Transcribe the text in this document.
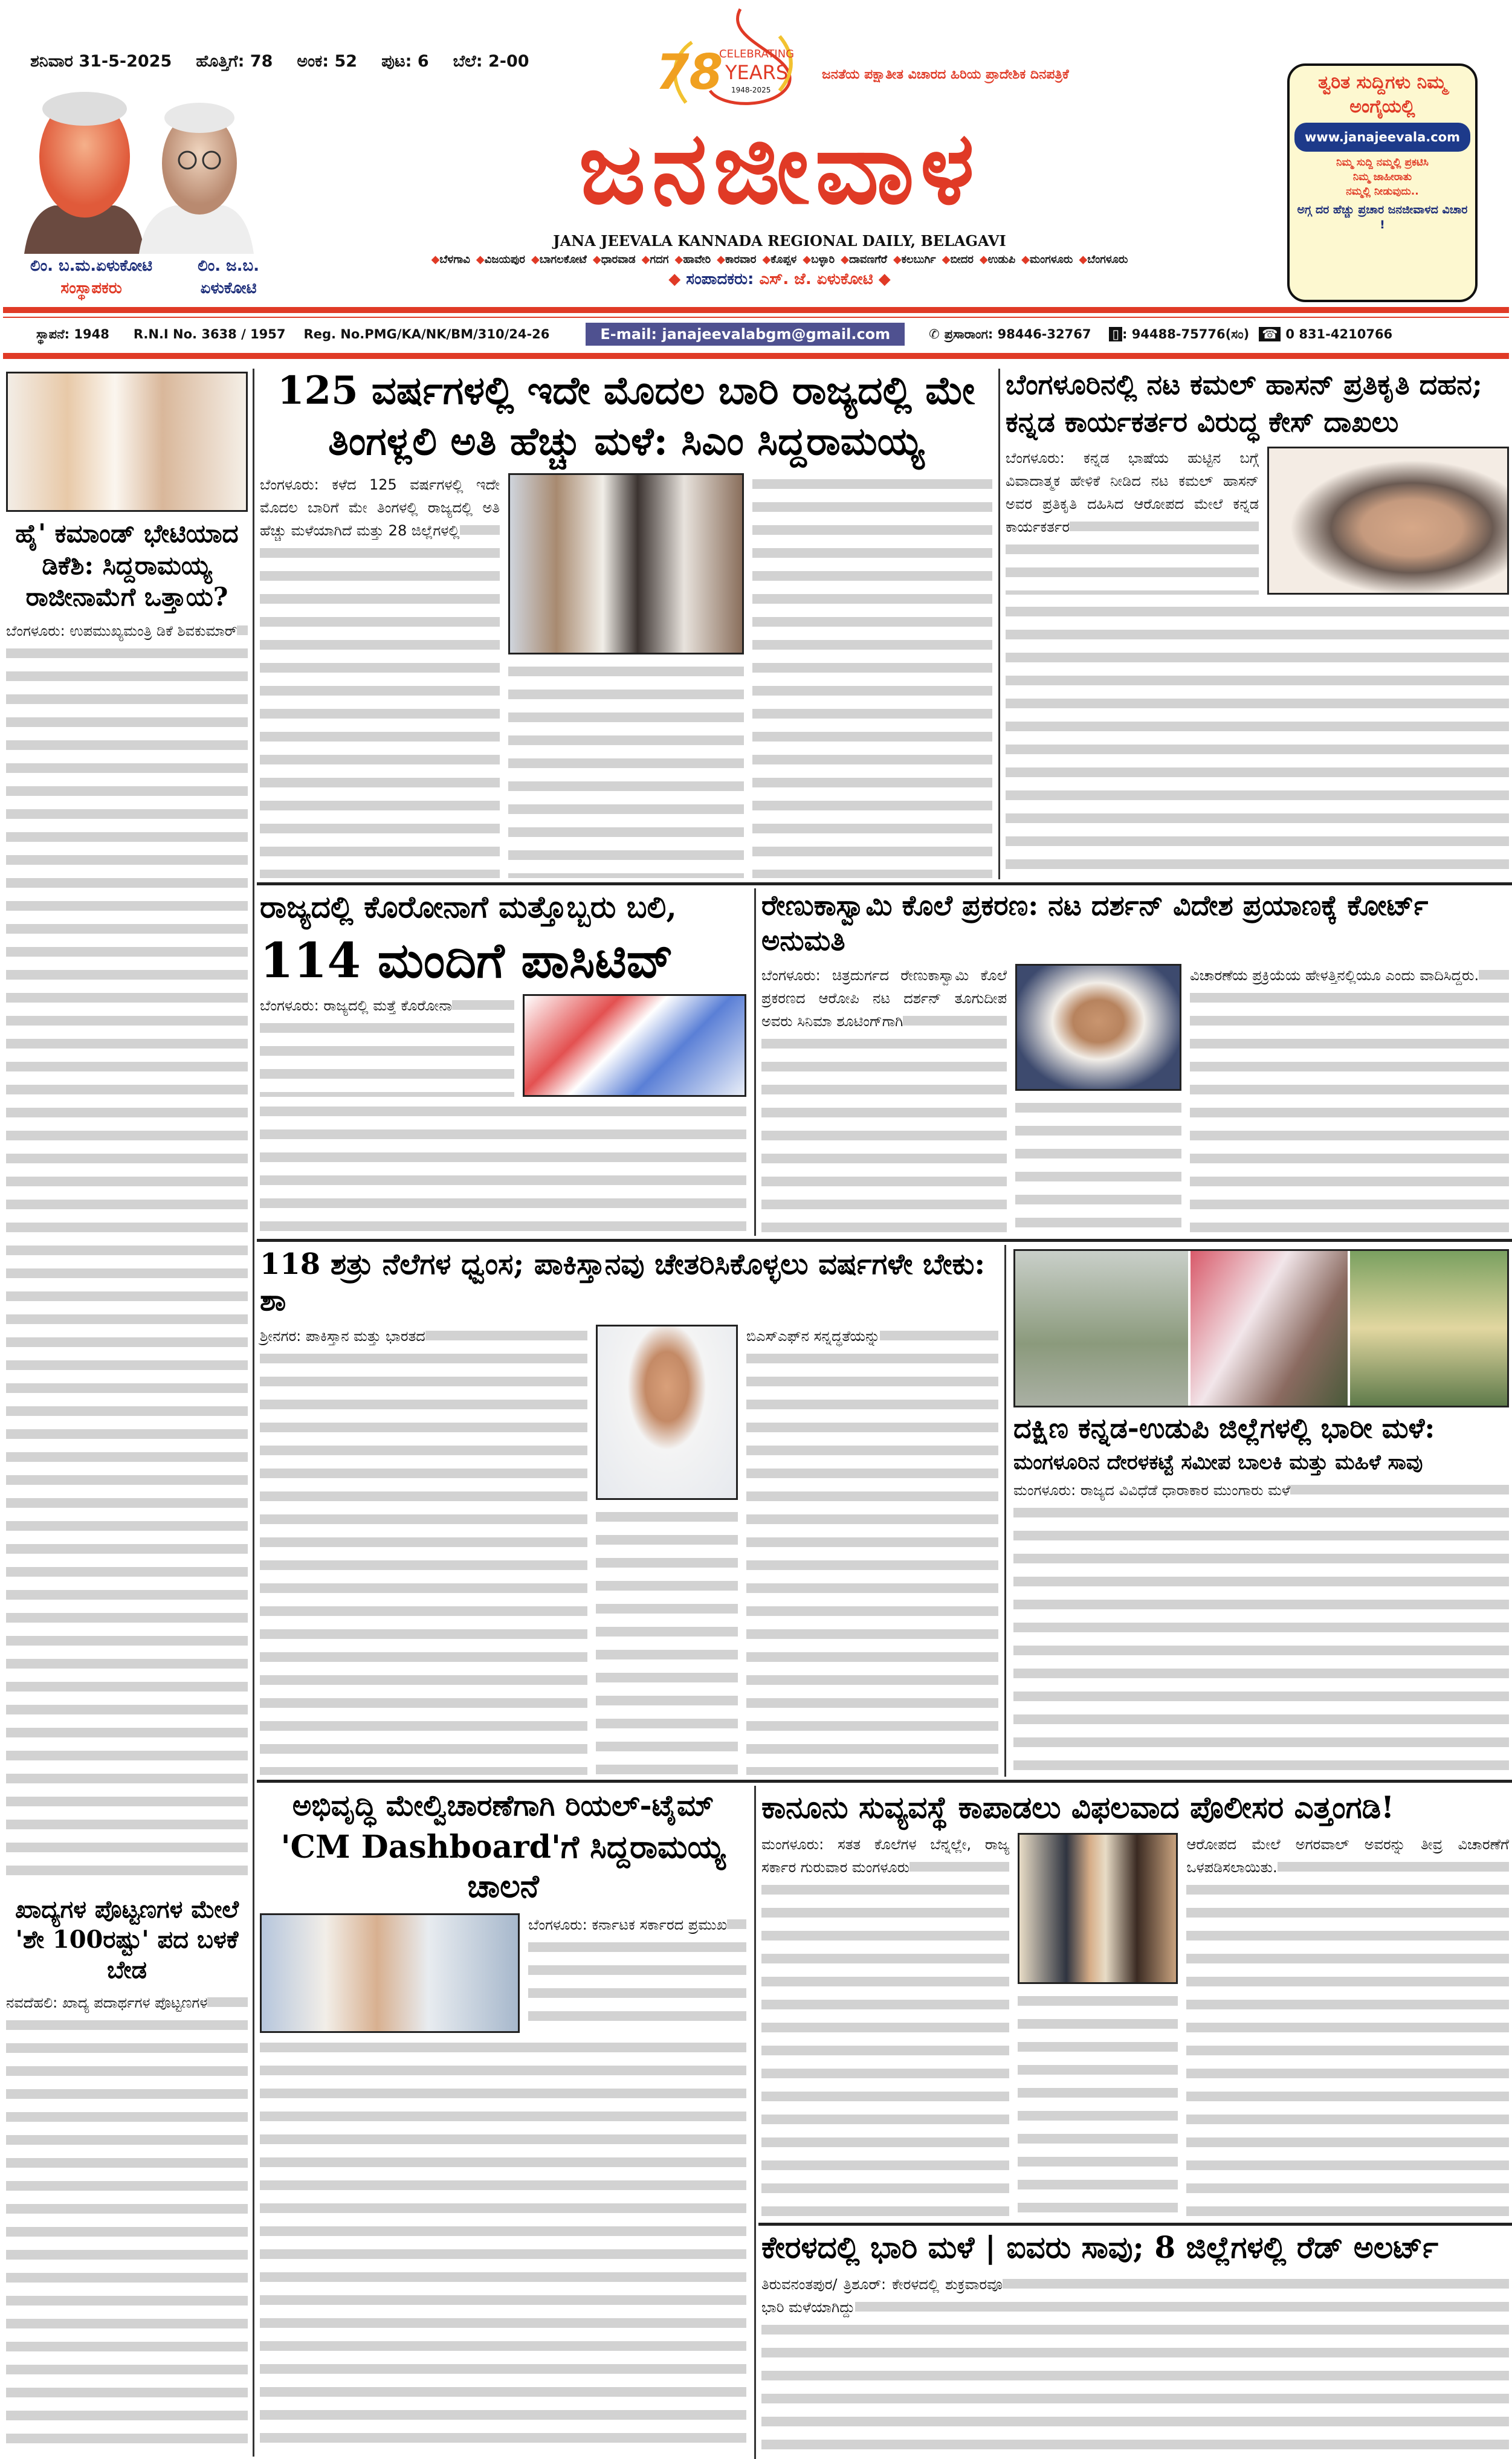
ಶನಿವಾರ 31-5-2025 ಹೊತ್ತಿಗೆ: 78 ಅಂಕ: 52 ಪುಟ: 6 ಬೆಲೆ: 2-00
ಲಿಂ. ಬ.ಮ.ಏಳುಕೋಟಿ
ಸಂಸ್ಥಾಪಕರು
ಲಿಂ. ಜ.ಬ.
ಏಳುಕೋಟಿ
78
CELEBRATING
YEARS
1948-2025
ಜನತೆಯ ಪಕ್ಷಾತೀತ ವಿಚಾರದ ಹಿರಿಯ ಪ್ರಾದೇಶಿಕ ದಿನಪತ್ರಿಕೆ
ಜನಜೀವಾಳ
JANA JEEVALA KANNADA REGIONAL DAILY, BELAGAVI
◆ಬೆಳಗಾವಿ ◆ವಿಜಯಪುರ ◆ಬಾಗಲಕೋಟೆ ◆ಧಾರವಾಡ ◆ಗದಗ ◆ಹಾವೇರಿ ◆ಕಾರವಾರ ◆ಕೊಪ್ಪಳ ◆ಬಳ್ಳಾರಿ ◆ದಾವಣಗೆರೆ ◆ಕಲಬುರ್ಗಿ ◆ಬೀದರ ◆ಉಡುಪಿ ◆ಮಂಗಳೂರು ◆ಬೆಂಗಳೂರು
◆ ಸಂಪಾದಕರು: ಎಸ್. ಜೆ. ಏಳುಕೋಟಿ ◆
ತ್ವರಿತ ಸುದ್ದಿಗಳು ನಿಮ್ಮ ಅಂಗೈಯಲ್ಲಿ
www.janajeevala.com
ನಿಮ್ಮ ಸುದ್ದಿ ನಮ್ಮಲ್ಲಿ ಪ್ರಕಟಿಸಿ
ನಿಮ್ಮ ಜಾಹೀರಾತು
ನಮ್ಮಲ್ಲಿ ನೀಡುವುದು..
ಅಗ್ಗ ದರ ಹೆಚ್ಚು ಪ್ರಚಾರ ಜನಜೀವಾಳದ ವಿಚಾರ !
ಸ್ಥಾಪನೆ: 1948 R.N.I No. 3638 / 1957 Reg. No.PMG/KA/NK/BM/310/24-26	E-mail: janajeevalabgm@gmail.com	✆ ಪ್ರಸಾರಾಂಗ: 98446-32767 ▯ : 94488-75776(ಸಂ) ☎ 0 831-4210766
ಹೈ' ಕಮಾಂಡ್ ಭೇಟಿಯಾದ ಡಿಕೆಶಿ: ಸಿದ್ದರಾಮಯ್ಯ ರಾಜೀನಾಮೆಗೆ ಒತ್ತಾಯ?
ಬೆಂಗಳೂರು: ಉಪಮುಖ್ಯಮಂತ್ರಿ ಡಿಕೆ ಶಿವಕುಮಾರ್
ಖಾದ್ಯಗಳ ಪೊಟ್ಟಣಗಳ ಮೇಲೆ 'ಶೇ 100ರಷ್ಟು' ಪದ ಬಳಕೆ ಬೇಡ
ನವದೆಹಲಿ: ಖಾದ್ಯ ಪದಾರ್ಥಗಳ ಪೊಟ್ಟಣಗಳ
125 ವರ್ಷಗಳಲ್ಲಿ ಇದೇ ಮೊದಲ ಬಾರಿ ರಾಜ್ಯದಲ್ಲಿ ಮೇ ತಿಂಗಳ್ಲಲಿ ಅತಿ ಹೆಚ್ಚು ಮಳೆ: ಸಿಎಂ ಸಿದ್ದರಾಮಯ್ಯ
ಬೆಂಗಳೂರು: ಕಳೆದ 125 ವರ್ಷಗಳಲ್ಲಿ ಇದೇ ಮೊದಲ ಬಾರಿಗೆ ಮೇ ತಿಂಗಳಲ್ಲಿ ರಾಜ್ಯದಲ್ಲಿ ಅತಿ ಹೆಚ್ಚು ಮಳೆಯಾಗಿದೆ ಮತ್ತು 28 ಜಿಲ್ಲೆಗಳಲ್ಲಿ
ಬೆಂಗಳೂರಿನಲ್ಲಿ ನಟ ಕಮಲ್ ಹಾಸನ್ ಪ್ರತಿಕೃತಿ ದಹನ; ಕನ್ನಡ ಕಾರ್ಯಕರ್ತರ ವಿರುದ್ಧ ಕೇಸ್ ದಾಖಲು
ಬೆಂಗಳೂರು: ಕನ್ನಡ ಭಾಷೆಯ ಹುಟ್ಟಿನ ಬಗ್ಗೆ ವಿವಾದಾತ್ಮಕ ಹೇಳಿಕೆ ನೀಡಿದ ನಟ ಕಮಲ್ ಹಾಸನ್ ಅವರ ಪ್ರತಿಕೃತಿ ದಹಿಸಿದ ಆರೋಪದ ಮೇಲೆ ಕನ್ನಡ ಕಾರ್ಯಕರ್ತರ
ರಾಜ್ಯದಲ್ಲಿ ಕೊರೋನಾಗೆ ಮತ್ತೊಬ್ಬರು ಬಲಿ,
114 ಮಂದಿಗೆ ಪಾಸಿಟಿವ್
ಬೆಂಗಳೂರು: ರಾಜ್ಯದಲ್ಲಿ ಮತ್ತೆ ಕೊರೋನಾ
ರೇಣುಕಾಸ್ವಾಮಿ ಕೊಲೆ ಪ್ರಕರಣ: ನಟ ದರ್ಶನ್ ವಿದೇಶ ಪ್ರಯಾಣಕ್ಕೆ ಕೋರ್ಟ್ ಅನುಮತಿ
ಬೆಂಗಳೂರು: ಚಿತ್ರದುರ್ಗದ ರೇಣುಕಾಸ್ವಾಮಿ ಕೊಲೆ ಪ್ರಕರಣದ ಆರೋಪಿ ನಟ ದರ್ಶನ್ ತೂಗುದೀಪ ಅವರು ಸಿನಿಮಾ ಶೂಟಿಂಗ್‌ಗಾಗಿ
ವಿಚಾರಣೆಯ ಪ್ರಕ್ರಿಯೆಯ ಹೇಳತ್ತಿನಲ್ಲಿಯೂ ಎಂದು ವಾದಿಸಿದ್ದರು.
118 ಶತ್ರು ನೆಲೆಗಳ ಧ್ವಂಸ; ಪಾಕಿಸ್ತಾನವು ಚೇತರಿಸಿಕೊಳ್ಳಲು ವರ್ಷಗಳೇ ಬೇಕು: ಶಾ
ಶ್ರೀನಗರ: ಪಾಕಿಸ್ತಾನ ಮತ್ತು ಭಾರತದ	ಬಿಎಸ್‌ಎಫ್‌ನ ಸನ್ನದ್ಧತೆಯನ್ನು
ದಕ್ಷಿಣ ಕನ್ನಡ-ಉಡುಪಿ ಜಿಲ್ಲೆಗಳಲ್ಲಿ ಭಾರೀ ಮಳೆ:
ಮಂಗಳೂರಿನ ದೇರಳಕಟ್ಟೆ ಸಮೀಪ ಬಾಲಕಿ ಮತ್ತು ಮಹಿಳೆ ಸಾವು
ಮಂಗಳೂರು: ರಾಜ್ಯದ ವಿವಿಧೆಡೆ ಧಾರಾಕಾರ ಮುಂಗಾರು ಮಳೆ
ಅಭಿವೃದ್ಧಿ ಮೇಲ್ವಿಚಾರಣೆಗಾಗಿ ರಿಯಲ್-ಟೈಮ್
'CM Dashboard'ಗೆ ಸಿದ್ದರಾಮಯ್ಯ ಚಾಲನೆ
ಬೆಂಗಳೂರು: ಕರ್ನಾಟಕ ಸರ್ಕಾರದ ಪ್ರಮುಖ
ಕಾನೂನು ಸುವ್ಯವಸ್ಥೆ ಕಾಪಾಡಲು ವಿಫಲವಾದ ಪೊಲೀಸರ ಎತ್ತಂಗಡಿ!
ಮಂಗಳೂರು: ಸತತ ಕೊಲೆಗಳ ಬೆನ್ನಲ್ಲೇ, ರಾಜ್ಯ ಸರ್ಕಾರ ಗುರುವಾರ ಮಂಗಳೂರು
ಆರೋಪದ ಮೇಲೆ ಅಗರವಾಲ್ ಅವರನ್ನು ತೀವ್ರ ವಿಚಾರಣೆಗೆ ಒಳಪಡಿಸಲಾಯಿತು.
ಕೇರಳದಲ್ಲಿ ಭಾರಿ ಮಳೆ | ಐವರು ಸಾವು; 8 ಜಿಲ್ಲೆಗಳಲ್ಲಿ ರೆಡ್ ಅಲರ್ಟ್
ತಿರುವನಂತಪುರ/ ತ್ರಿಶೂರ್: ಕೇರಳದಲ್ಲಿ ಶುಕ್ರವಾರವೂ ಭಾರಿ ಮಳೆಯಾಗಿದ್ದು
